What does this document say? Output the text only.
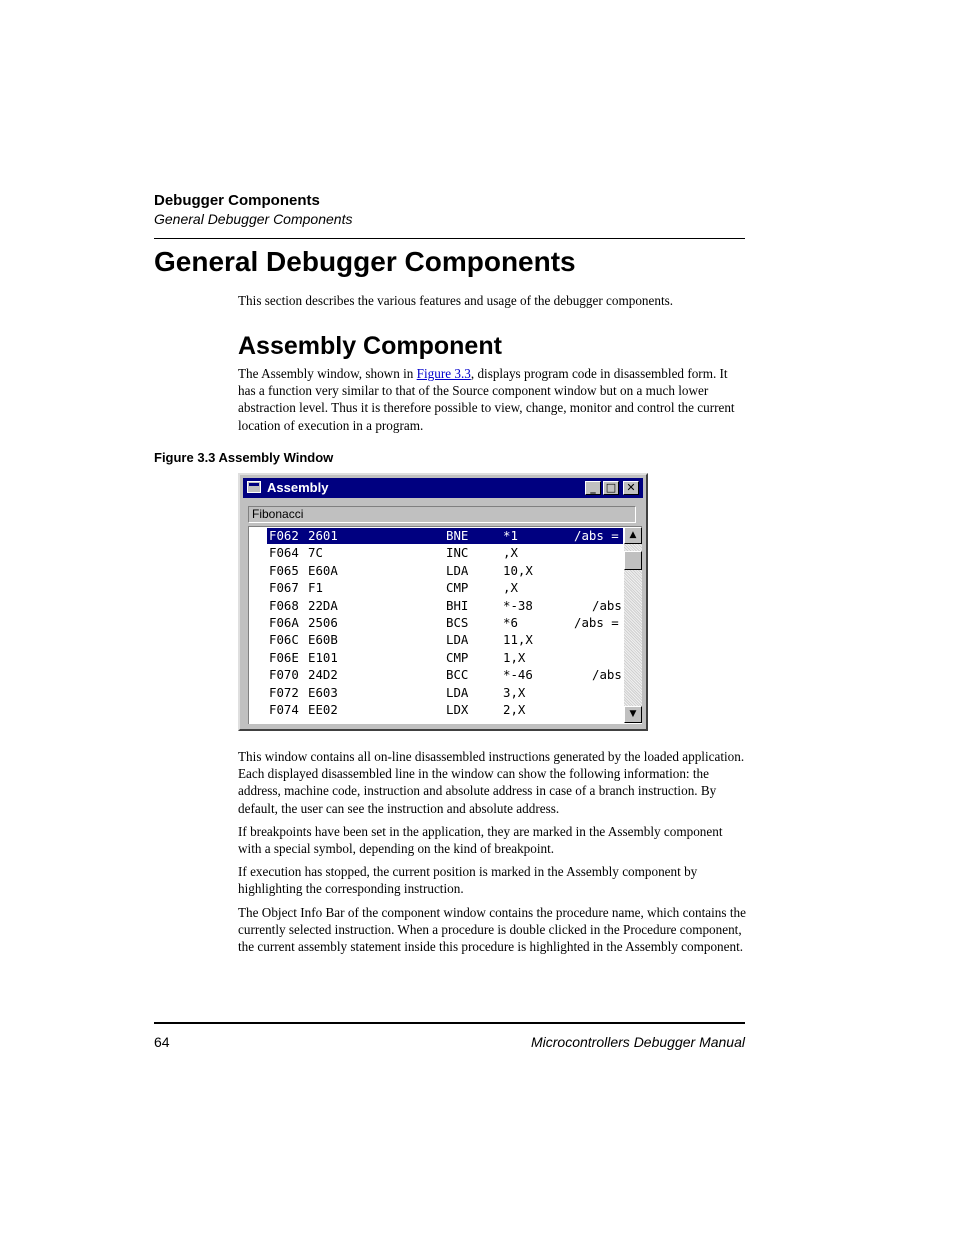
Debugger Components
General Debugger Components
General Debugger Components

This section describes the various features and usage of the debugger components.

Assembly Component

The Assembly window, shown in Figure 3.3, displays program code in disassembled form. It has a function very similar to that of the Source component window but on a much lower abstraction level. Thus it is therefore possible to view, change, monitor and control the current location of execution in a program.

Figure 3.3 Assembly Window
Assembly	_ □ ✕
Fibonacci
F062 2601	BNE	*1	/abs =
F064 7C	INC	,X
F065 E60A	LDA	10,X
F067 F1	CMP	,X
F068 22DA	BHI	*-38	/abs
F06A 2506	BCS	*6	/abs =
F06C E60B	LDA	11,X
F06E E101	CMP	1,X
F070 24D2	BCC	*-46	/abs
F072 E603	LDA	3,X
F074 EE02	LDX	2,X
▲
▼

This window contains all on-line disassembled instructions generated by the loaded application. Each displayed disassembled line in the window can show the following information: the address, machine code, instruction and absolute address in case of a branch instruction. By default, the user can see the instruction and absolute address.

If breakpoints have been set in the application, they are marked in the Assembly component with a special symbol, depending on the kind of breakpoint.

If execution has stopped, the current position is marked in the Assembly component by highlighting the corresponding instruction.

The Object Info Bar of the component window contains the procedure name, which contains the currently selected instruction. When a procedure is double clicked in the Procedure component, the current assembly statement inside this procedure is highlighted in the Assembly component.

64	Microcontrollers Debugger Manual
